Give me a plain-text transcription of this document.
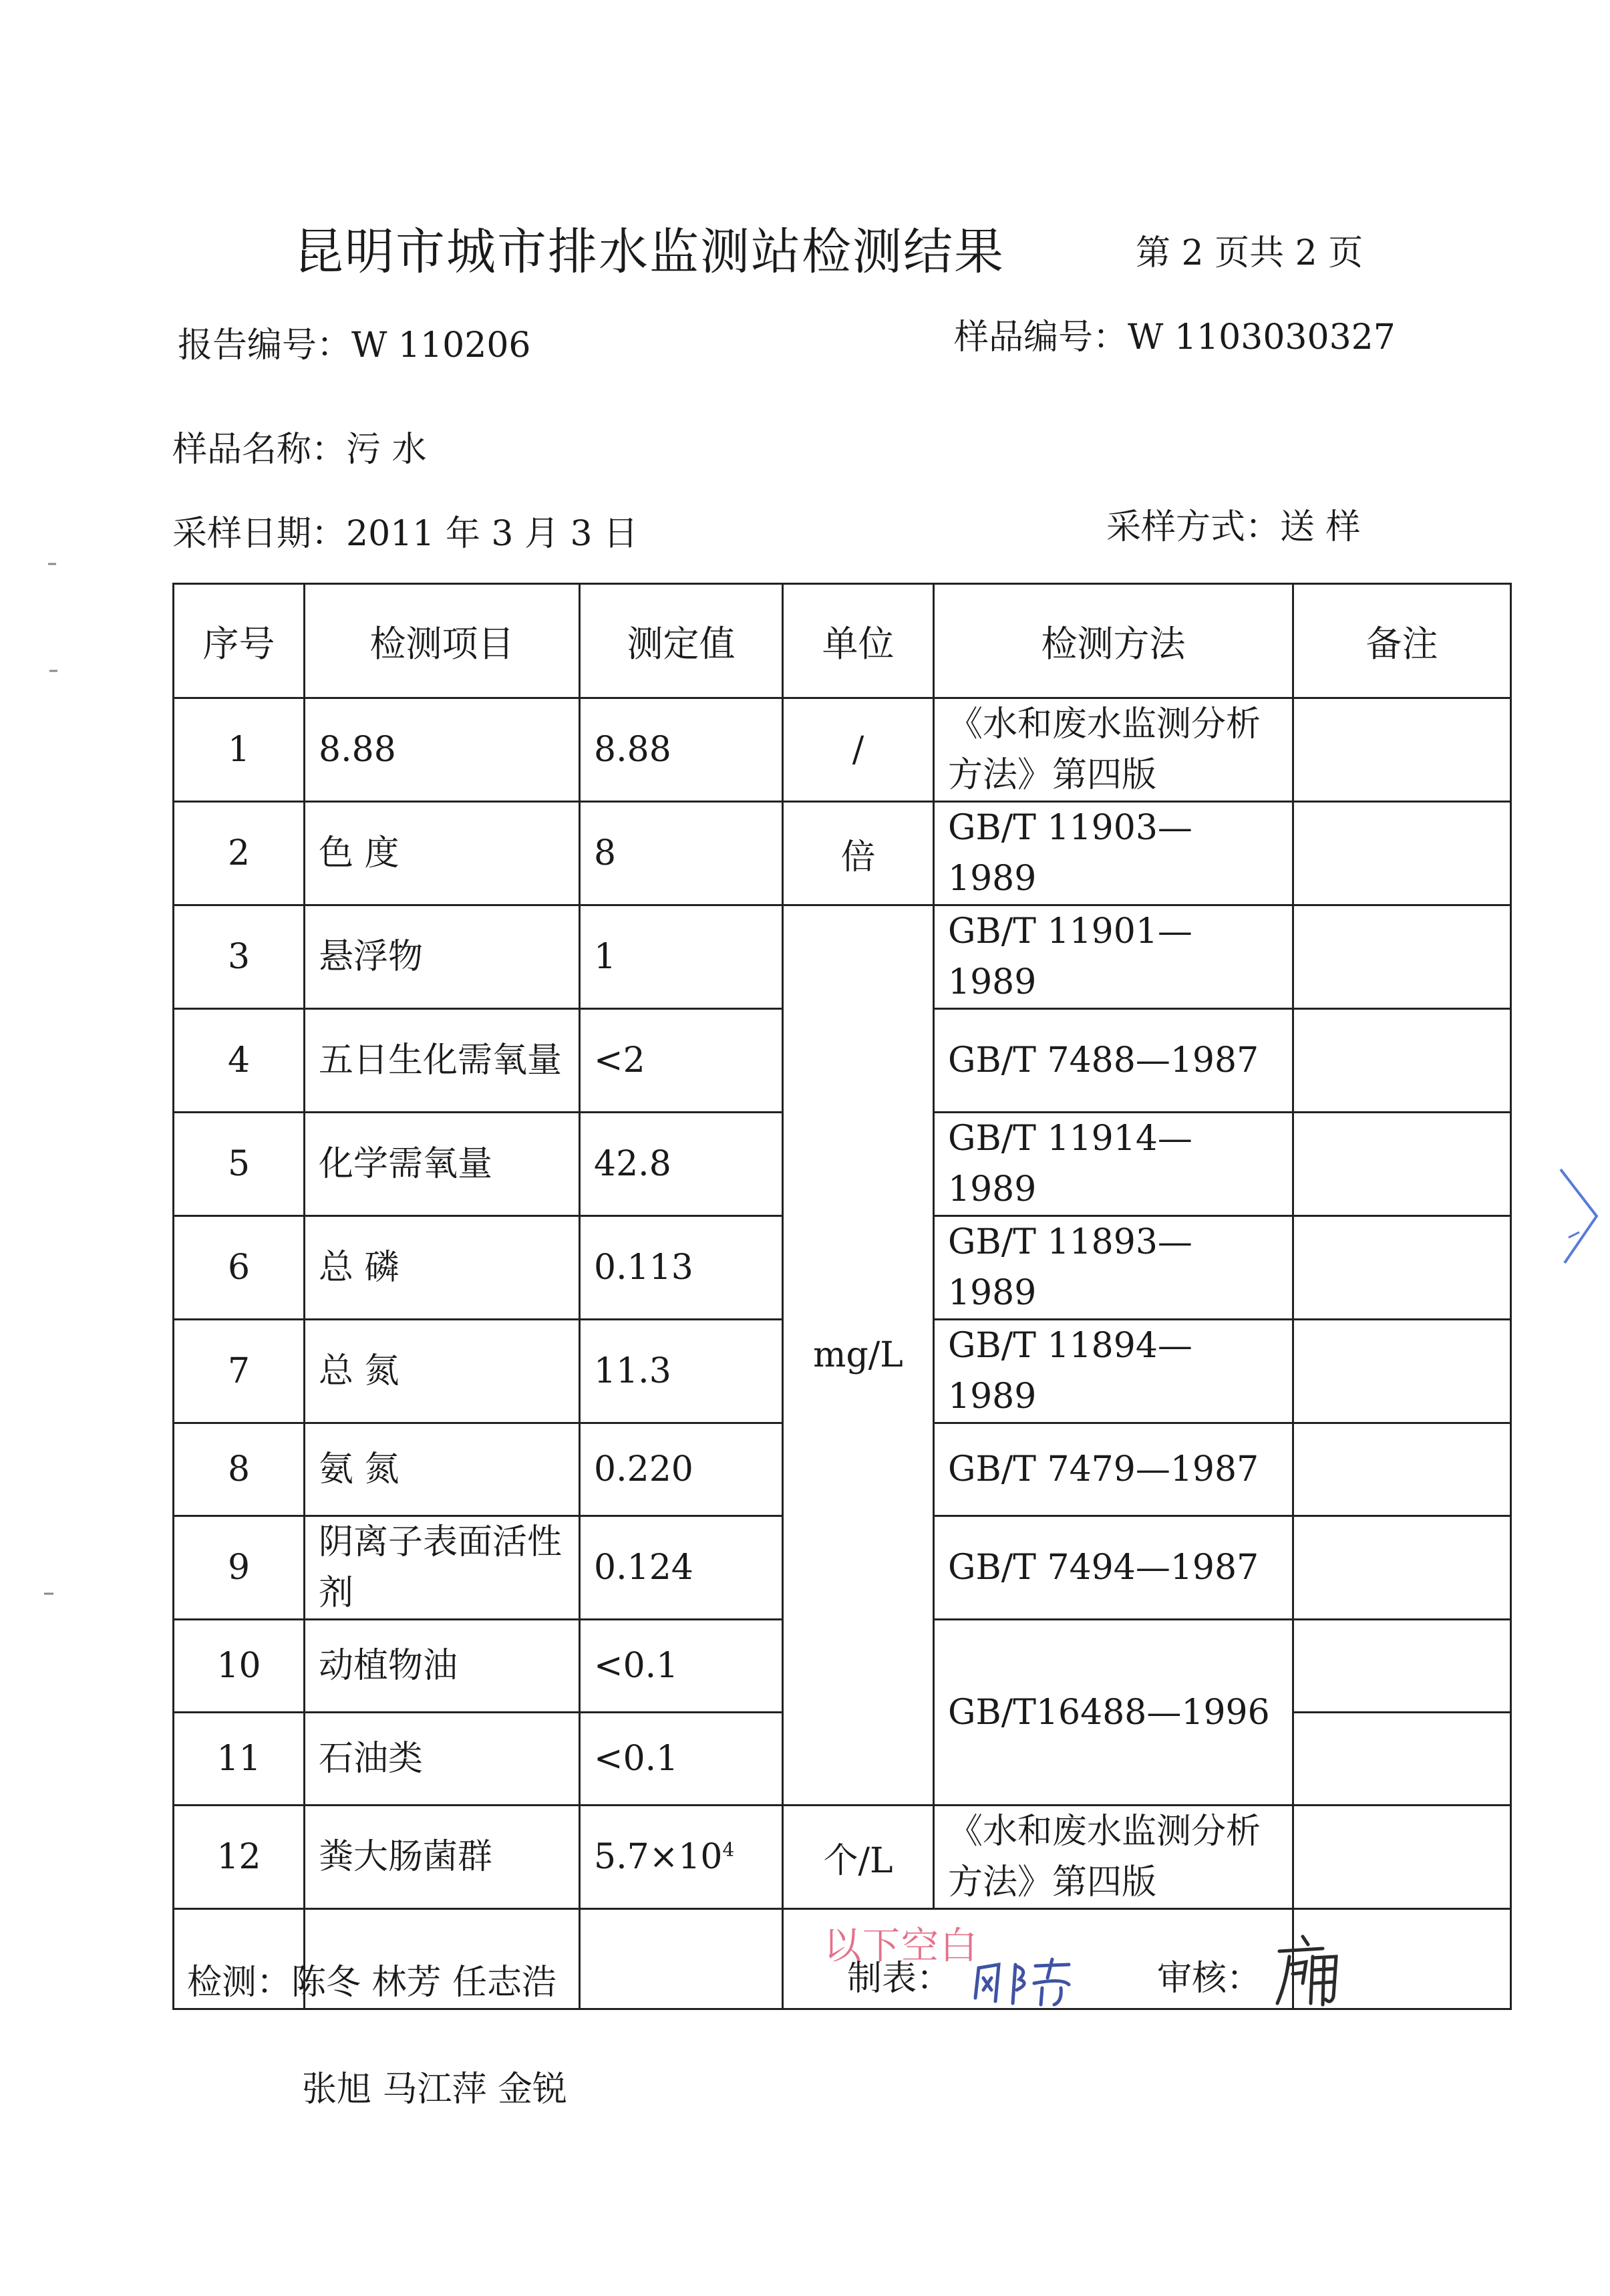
昆明市城市排水监测站检测结果	第 2 页共 2 页
报告编号：W 110206	样品编号：W 1103030327
样品名称：污 水
采样日期：2011 年 3 月 3 日	采样方式：送 样
序号	检测项目	测定值	单位	检测方法	备注
1	8.88	8.88	/	《水和废水监测分析方法》第四版	
2	色 度	8	倍	GB/T 11903—1989	
3	悬浮物	1	mg/L	GB/T 11901—1989	
4	五日生化需氧量	<2		GB/T 7488—1987	
5	化学需氧量	42.8		GB/T 11914—1989	
6	总 磷	0.113		GB/T 11893—1989	
7	总 氮	11.3		GB/T 11894—1989	
8	氨 氮	0.220		GB/T 7479—1987	
9	阴离子表面活性剂	0.124		GB/T 7494—1987	
10	动植物油	<0.1		GB/T16488—1996	
11	石油类	<0.1			
12	粪大肠菌群	$5.7\times 10^4$	个/L	《水和废水监测分析方法》第四版	
			以下空白		
检测：陈冬 林芳 任志浩
张旭 马江萍 金锐
制表：	审核：
